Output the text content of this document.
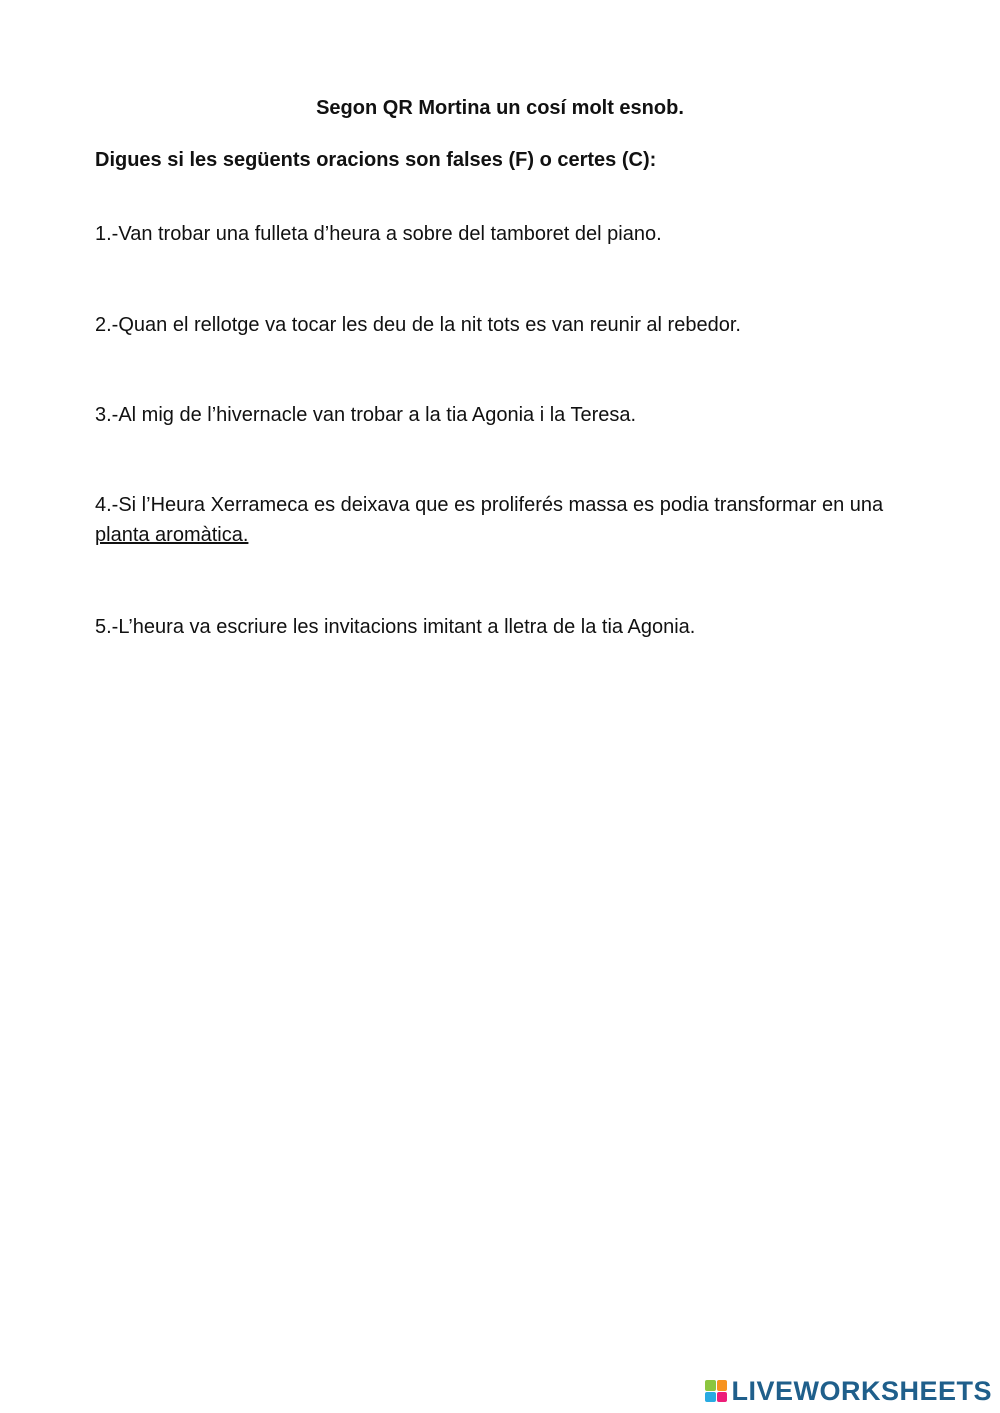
Segon QR Mortina un cosí molt esnob.

Digues si les següents oracions son falses (F) o certes (C):

1.-Van trobar una fulleta d’heura a sobre del tamboret del piano.

2.-Quan el rellotge va tocar les deu de la nit tots es van reunir al rebedor.

3.-Al mig de l’hivernacle van trobar a la tia Agonia i la Teresa.

4.-Si l’Heura Xerrameca es deixava que es proliferés massa es podia transformar en una planta aromàtica.

5.-L’heura va escriure les invitacions imitant a lletra de la tia Agonia.

LIVEWORKSHEETS
